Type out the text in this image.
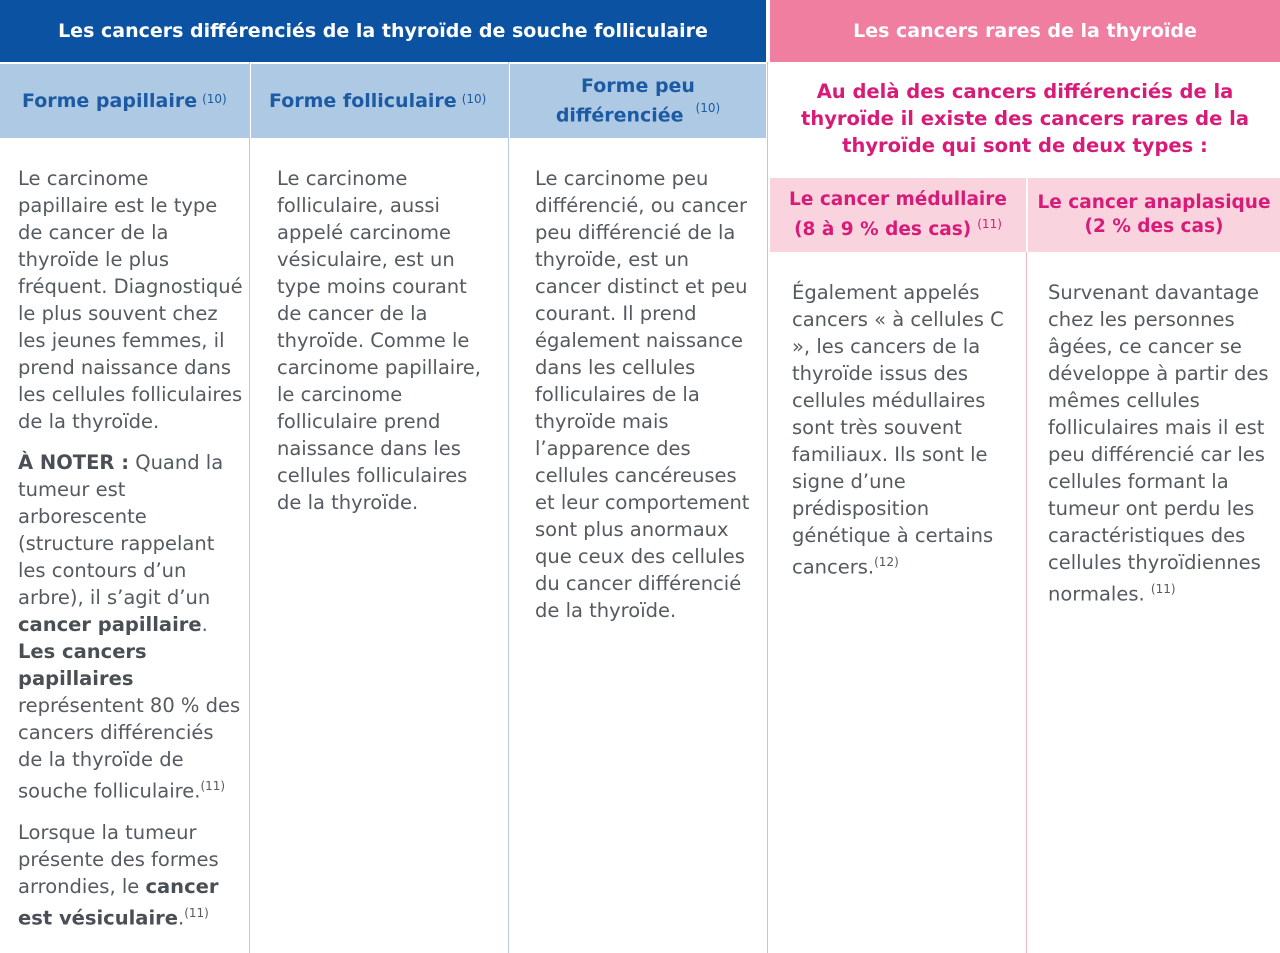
Les cancers différenciés de la thyroïde de souche folliculaire	Les cancers rares de la thyroïde
Forme papillaire $^{(10)}$ Forme folliculaire $^{(10)}$
Forme peu
différenciée $^{(10)}$

Le carcinome papillaire est le type de cancer de la thyroïde le plus fréquent. Diagnostiqué le plus souvent chez les jeunes femmes, il prend naissance dans les cellules folliculaires de la thyroïde.

À NOTER : Quand la tumeur est arborescente (structure rappelant les contours d’un arbre), il s’agit d’un cancer papillaire.
Les cancers papillaires représentent 80 % des cancers différenciés de la thyroïde de souche folliculaire.$^{(11)}$

Lorsque la tumeur présente des formes arrondies, le cancer est vésiculaire.$^{(11)}$

Le carcinome folliculaire, aussi appelé carcinome vésiculaire, est un type moins courant de cancer de la thyroïde. Comme le carcinome papillaire, le carcinome folliculaire prend naissance dans les cellules folliculaires de la thyroïde.

Le carcinome peu différencié, ou cancer peu différencié de la thyroïde, est un cancer distinct et peu courant. Il prend également naissance dans les cellules folliculaires de la thyroïde mais l’apparence des cellules cancéreuses et leur comportement sont plus anormaux que ceux des cellules du cancer différencié de la thyroïde.

Au delà des cancers différenciés de la thyroïde il existe des cancers rares de la thyroïde qui sont de deux types :
Le cancer médullaire
(8 à 9 % des cas) $^{(11)}$
Le cancer anaplasique
(2 % des cas)

Également appelés cancers « à cellules C », les cancers de la thyroïde issus des cellules médullaires sont très souvent familiaux. Ils sont le signe d’une prédisposition génétique à certains cancers.$^{(12)}$

Survenant davantage chez les personnes âgées, ce cancer se développe à partir des mêmes cellules folliculaires mais il est peu différencié car les cellules formant la tumeur ont perdu les caractéristiques des cellules thyroïdiennes normales. $^{(11)}$
